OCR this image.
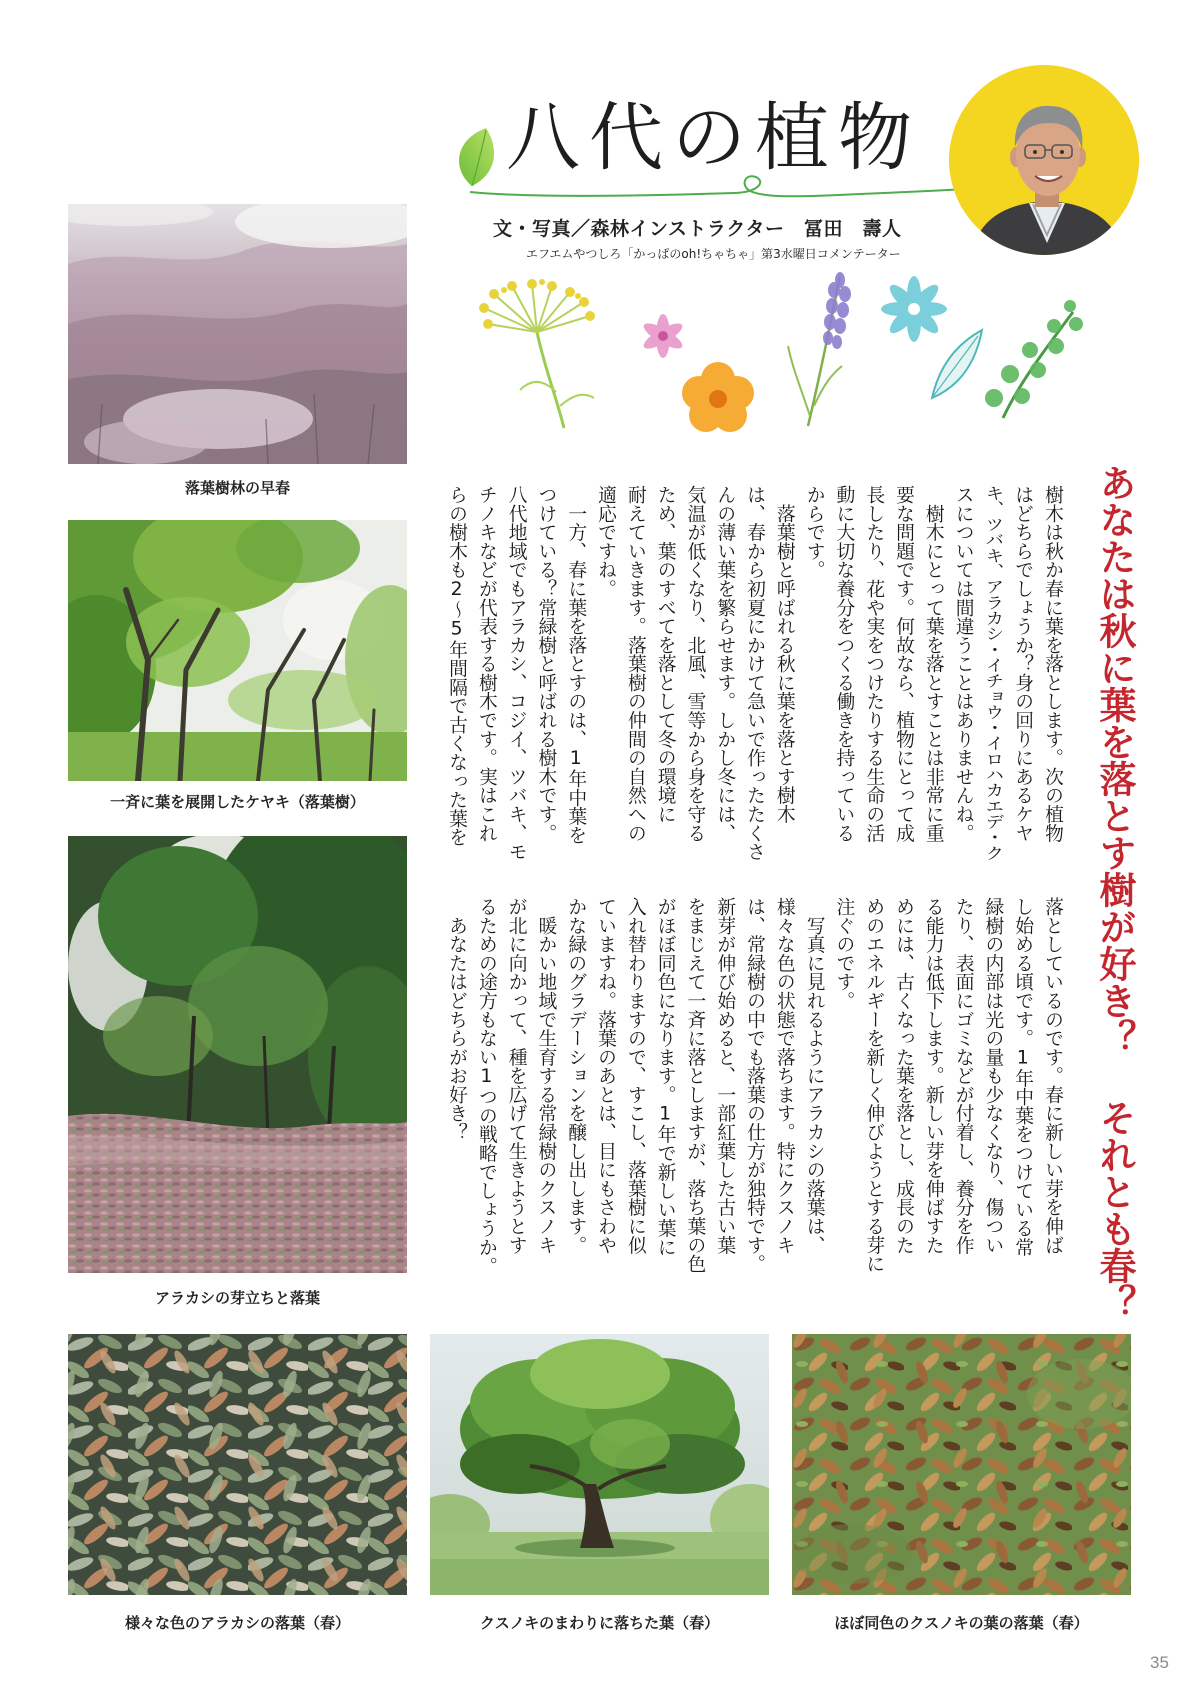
八代の植物
文・写真／森林インストラクター　冨田　壽人
エフエムやつしろ「かっぱのoh!ちゃちゃ」第3水曜日コメンテーター
あなたは秋に葉を落とす樹が好き？ それとも春？
樹木は秋か春に葉を落とします。次の植物
はどちらでしょうか？身の回りにあるケヤ
キ、ツバキ、アラカシ・イチョウ・イロハカエデ・ク
スについては間違うことはありませんね。
　樹木にとって葉を落とすことは非常に重
要な問題です。何故なら、植物にとって成
長したり、花や実をつけたりする生命の活
動に大切な養分をつくる働きを持っている
からです。
　落葉樹と呼ばれる秋に葉を落とす樹木
は、春から初夏にかけて急いで作ったたくさ
んの薄い葉を繁らせます。しかし冬には、
気温が低くなり、北風、雪等から身を守る
ため、葉のすべてを落として冬の環境に
耐えていきます。落葉樹の仲間の自然への
適応ですね。
　一方、春に葉を落とすのは、1年中葉を
つけている？常緑樹と呼ばれる樹木です。
八代地域でもアラカシ、コジイ、ツバキ、モ
チノキなどが代表する樹木です。実はこれ
らの樹木も2～5年間隔で古くなった葉を
落としているのです。春に新しい芽を伸ば
し始める頃です。1年中葉をつけている常
緑樹の内部は光の量も少なくなり、傷つい
たり、表面にゴミなどが付着し、養分を作
る能力は低下します。新しい芽を伸ばすた
めには、古くなった葉を落とし、成長のた
めのエネルギーを新しく伸びようとする芽に
注ぐのです。
　写真に見れるようにアラカシの落葉は、
様々な色の状態で落ちます。特にクスノキ
は、常緑樹の中でも落葉の仕方が独特です。
新芽が伸び始めると、一部紅葉した古い葉
をまじえて一斉に落としますが、落ち葉の色
がほぼ同色になります。1年で新しい葉に
入れ替わりますので、すこし、落葉樹に似
ていますね。落葉のあとは、目にもさわや
かな緑のグラデーションを醸し出します。
　暖かい地域で生育する常緑樹のクスノキ
が北に向かって、種を広げて生きようとす
るための途方もない1つの戦略でしょうか。
　あなたはどちらがお好き？
落葉樹林の早春
一斉に葉を展開したケヤキ（落葉樹）
アラカシの芽立ちと落葉
様々な色のアラカシの落葉（春）	クスノキのまわりに落ちた葉（春）	ほぼ同色のクスノキの葉の落葉（春）
35
